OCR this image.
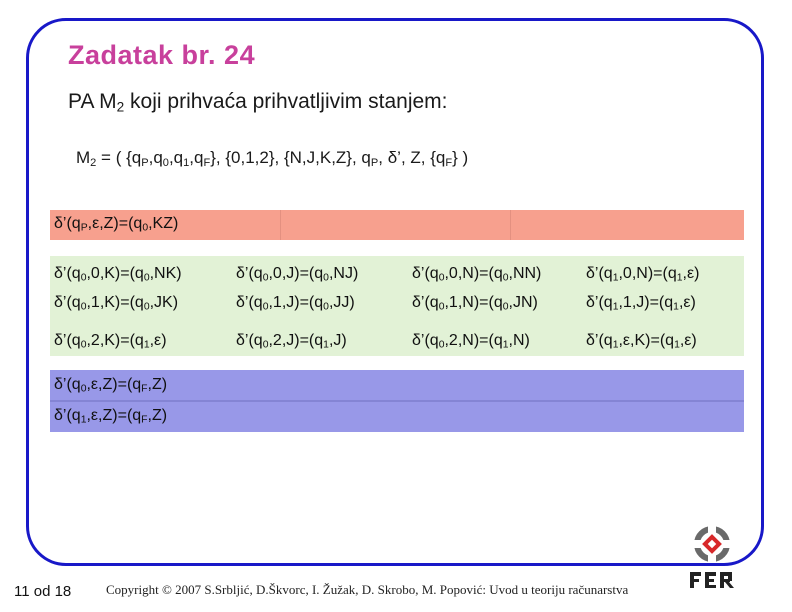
Zadatak br. 24
PA $M_2$ koji prihvaća prihvatljivim stanjem:
$M_2$ = ( $\{q_P,q_0,q_1,q_F\}$, {0,1,2}, {N,J,K,Z}, $q_P$, δ’, Z, $\{q_F\}$ )
$\delta’(q_P,\varepsilon,Z)=(q_0,KZ)$
$\delta’(q_0,0,K)=(q_0,NK)$	$\delta’(q_0,0,J)=(q_0,NJ)$	$\delta’(q_0,0,N)=(q_0,NN)$	$\delta’(q_1,0,N)=(q_1,\varepsilon)$
$\delta’(q_0,1,K)=(q_0,JK)$	$\delta’(q_0,1,J)=(q_0,JJ)$	$\delta’(q_0,1,N)=(q_0,JN)$	$\delta’(q_1,1,J)=(q_1,\varepsilon)$
$\delta’(q_0,2,K)=(q_1,\varepsilon)$	$\delta’(q_0,2,J)=(q_1,J)$	$\delta’(q_0,2,N)=(q_1,N)$	$\delta’(q_1,\varepsilon,K)=(q_1,\varepsilon)$
$\delta’(q_0,\varepsilon,Z)=(q_F,Z)$
$\delta’(q_1,\varepsilon,Z)=(q_F,Z)$
11 od 18	Copyright © 2007 S.Srbljić, D.Škvorc, I. Žužak, D. Skrobo, M. Popović: Uvod u teoriju računarstva
